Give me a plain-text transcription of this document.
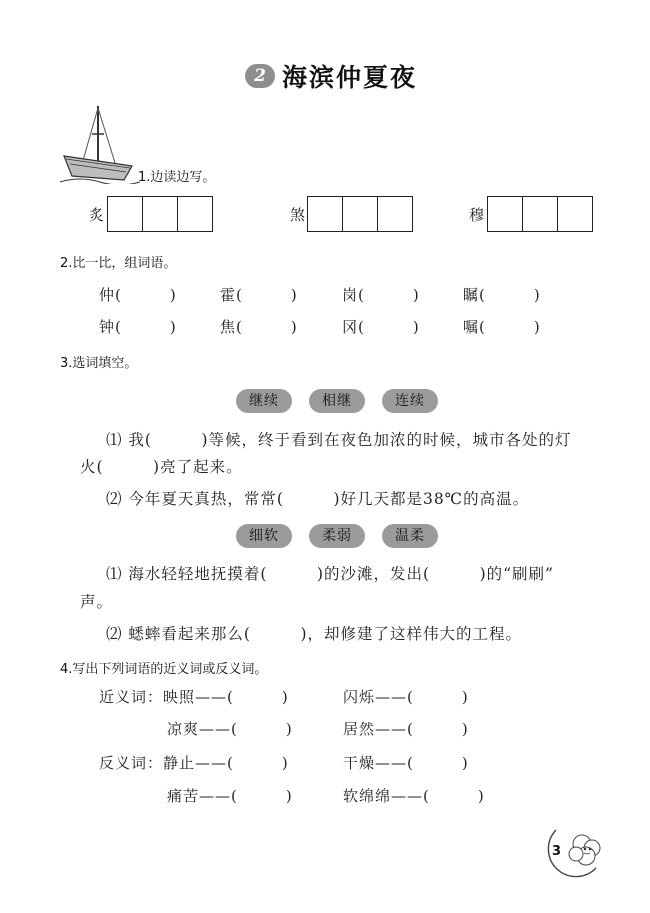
2 海滨仲夏夜
1.边读边写。
炙	煞	穆
2.比一比，组词语。
仲(　　　)	霍(　　　)	岗(　　　)	瞩(　　　)
钟(　　　)	焦(　　　)	冈(　　　)	嘱(　　　)
3.选词填空。
继续	相继	连续
⑴ 我(　　　)等候，终于看到在夜色加浓的时候，城市各处的灯
火(　　　)亮了起来。
⑵ 今年夏天真热，常常(　　　)好几天都是38℃的高温。
细软	柔弱	温柔
⑴ 海水轻轻地抚摸着(　　　)的沙滩，发出(　　　)的“刷刷”
声。
⑵ 蟋蟀看起来那么(　　　)，却修建了这样伟大的工程。
4.写出下列词语的近义词或反义词。
近义词：映照——(　　　)	闪烁——(　　　)
凉爽——(　　　)	居然——(　　　)
反义词：静止——(　　　)	干燥——(　　　)
痛苦——(　　　)	软绵绵——(　　　)
3
